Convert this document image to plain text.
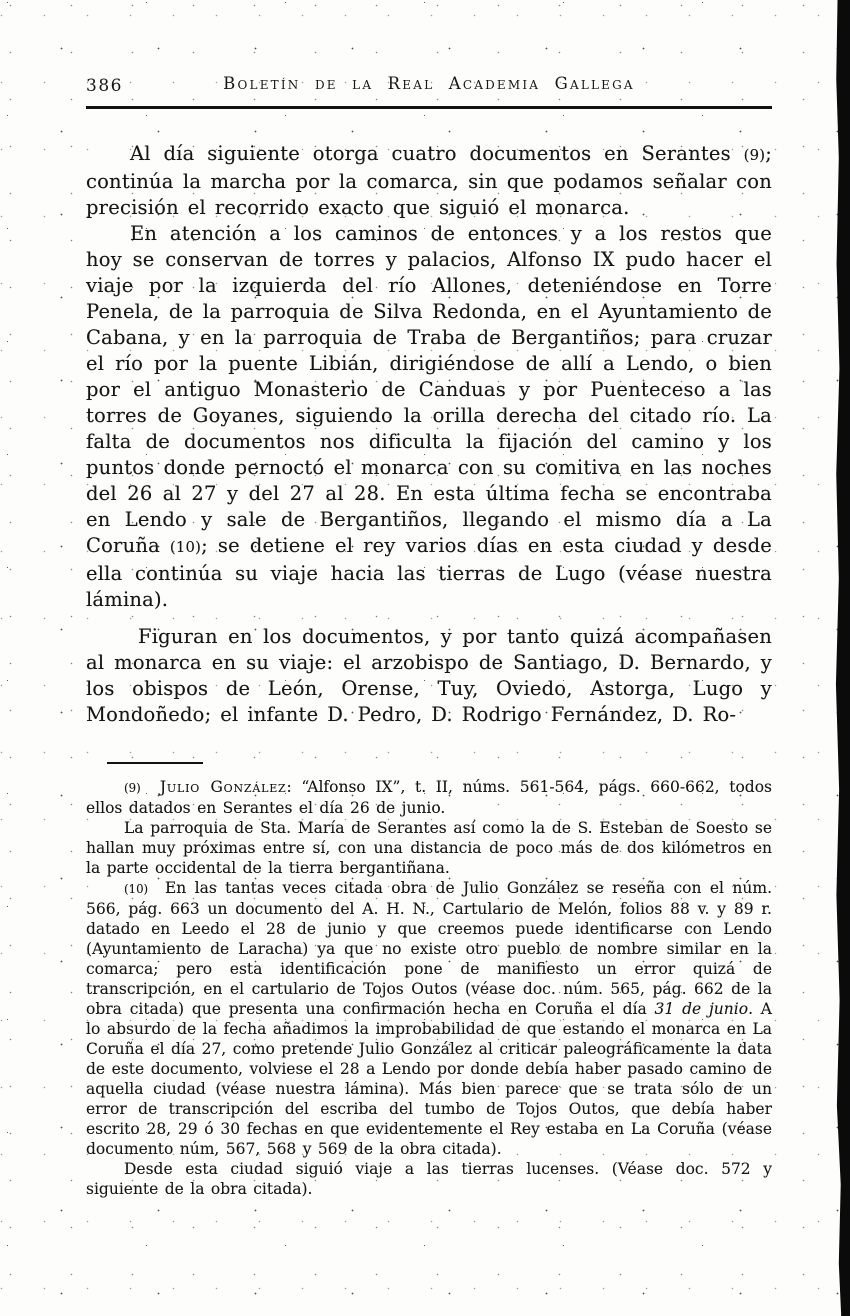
386	Boletín de la Real Academia Gallega

Al día siguiente otorga cuatro documentos en Serantes (9); continúa la marcha por la comarca, sin que podamos señalar con precisión el recorrido exacto que siguió el monarca.

En atención a los caminos de entonces y a los restos que hoy se conservan de torres y palacios, Alfonso IX pudo hacer el viaje por la izquierda del río Allones, deteniéndose en Torre Penela, de la parroquia de Silva Redonda, en el Ayuntamiento de Cabana, y en la parroquia de Traba de Bergantiños; para cruzar el río por la puente Libián, dirigiéndose de allí a Lendo, o bien por el antiguo Monasterio de Canduas y por Puenteceso a las torres de Goyanes, siguiendo la orilla derecha del citado río. La falta de documentos nos dificulta la fijación del camino y los puntos donde pernoctó el monarca con su comitiva en las noches del 26 al 27 y del 27 al 28. En esta última fecha se encontraba en Lendo y sale de Bergantiños, llegando el mismo día a La Coruña (10); se detiene el rey varios días en esta ciudad y desde ella continúa su viaje hacia las tierras de Lugo (véase nuestra lámina).

Figuran en los documentos, y por tanto quizá acompañasen al monarca en su viaje: el arzobispo de Santiago, D. Bernardo, y los obispos de León, Orense, Tuy, Oviedo, Astorga, Lugo y Mondoñedo; el infante D. Pedro, D. Rodrigo Fernández, D. Ro-

(9) Julio González: “Alfonso IX”, t. II, núms. 561-564, págs. 660-662, todos ellos datados en Serantes el día 26 de junio.

La parroquia de Sta. María de Serantes así como la de S. Esteban de Soesto se hallan muy próximas entre sí, con una distancia de poco más de dos kilómetros en la parte occidental de la tierra bergantiñana.

(10) En las tantas veces citada obra de Julio González se reseña con el núm. 566, pág. 663 un documento del A. H. N., Cartulario de Melón, folios 88 v. y 89 r. datado en Leedo el 28 de junio y que creemos puede identificarse con Lendo (Ayuntamiento de Laracha) ya que no existe otro pueblo de nombre similar en la comarca; pero esta identificación pone de manifiesto un error quizá de transcripción, en el cartulario de Tojos Outos (véase doc. núm. 565, pág. 662 de la obra citada) que presenta una confirmación hecha en Coruña el día 31 de junio. A lo absurdo de la fecha añadimos la improbabilidad de que estando el monarca en La Coruña el día 27, como pretende Julio González al criticar paleográficamente la data de este documento, volviese el 28 a Lendo por donde debía haber pasado camino de aquella ciudad (véase nuestra lámina). Más bien parece que se trata sólo de un error de transcripción del escriba del tumbo de Tojos Outos, que debía haber escrito 28, 29 ó 30 fechas en que evidentemente el Rey estaba en La Coruña (véase documento núm, 567, 568 y 569 de la obra citada).

Desde esta ciudad siguió viaje a las tierras lucenses. (Véase doc. 572 y siguiente de la obra citada).
